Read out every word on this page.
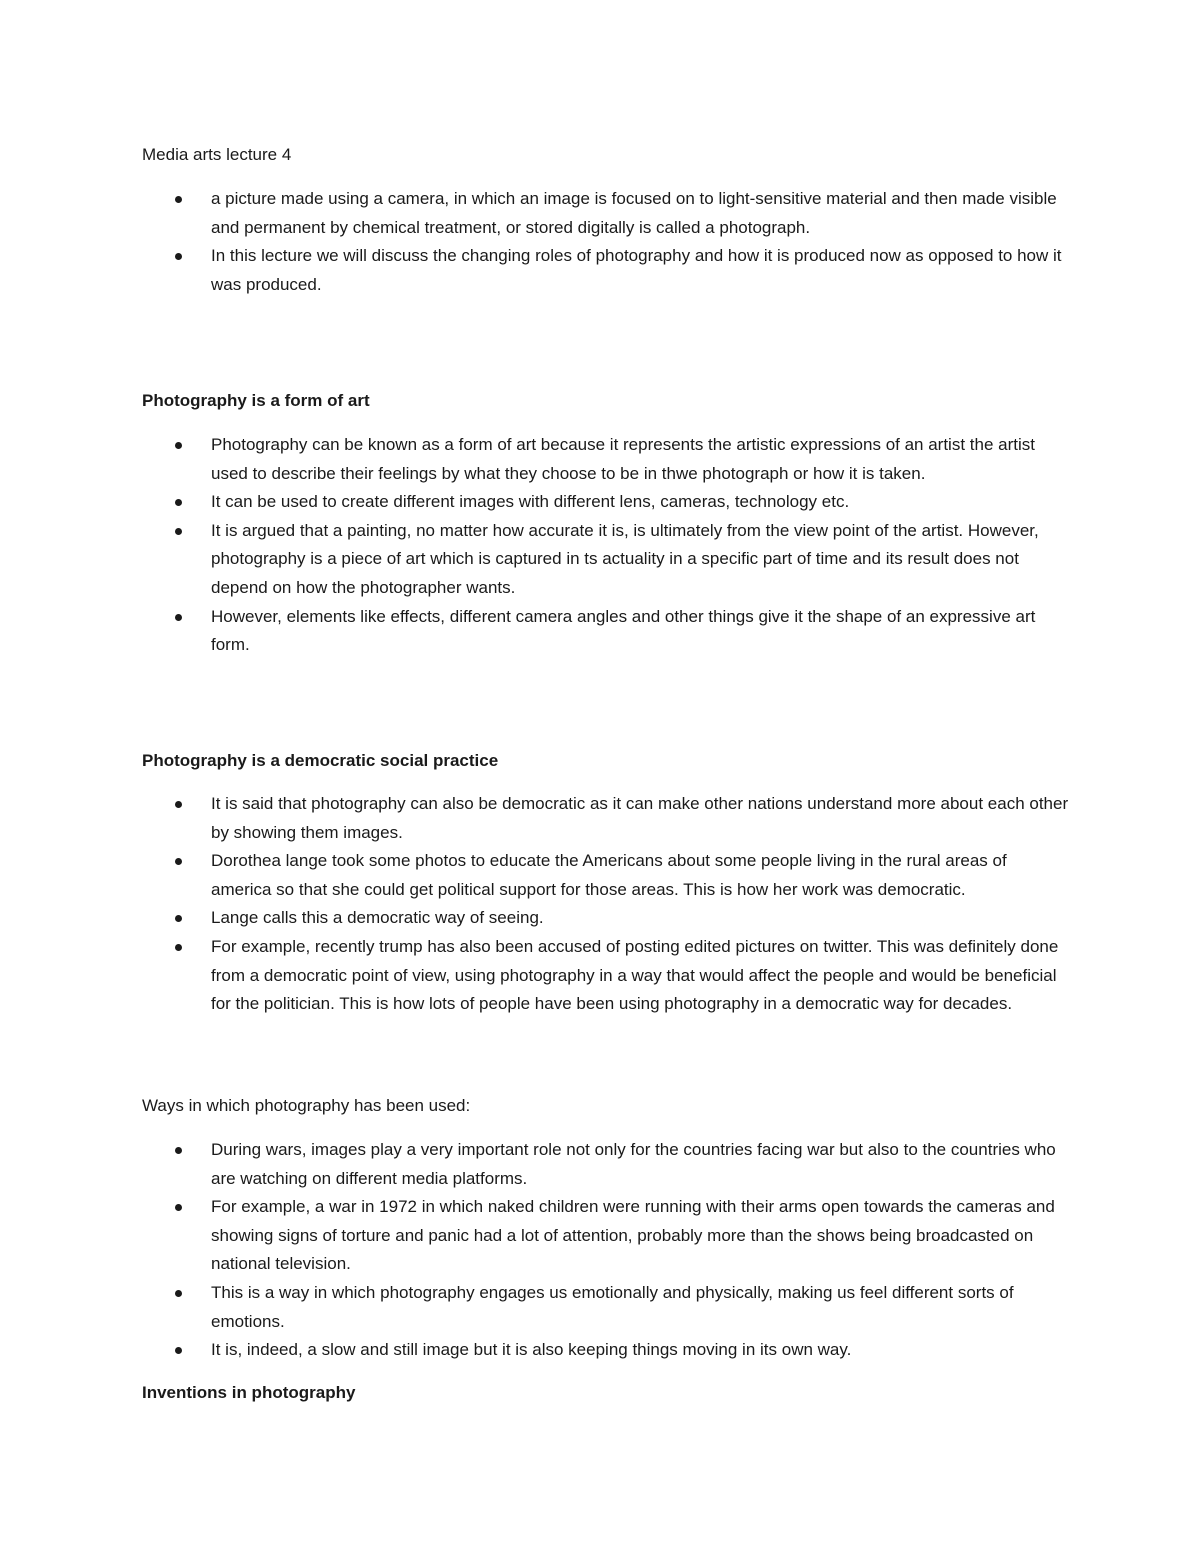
Media arts lecture 4
a picture made using a camera, in which an image is focused on to light-sensitive material and then made visible and permanent by chemical treatment, or stored digitally is called a photograph.
In this lecture we will discuss the changing roles of photography and how it is produced now as opposed to how it was produced.
Photography is a form of art
Photography can be known as a form of art because it represents the artistic expressions of an artist the artist used to describe their feelings by what they choose to be in thwe photograph or how it is taken.
It can be used to create different images with different lens, cameras, technology etc.
It is argued that a painting, no matter how accurate it is, is ultimately from the view point of the artist. However, photography is a piece of art which is captured in ts actuality in a specific part of time and its result does not depend on how the photographer wants.
However, elements like effects, different camera angles and other things give it the shape of an expressive art form.
Photography is a democratic social practice
It is said that photography can also be democratic as it can make other nations understand more about each other by showing them images.
Dorothea lange took some photos to educate the Americans about some people living in the rural areas of america so that she could get political support for those areas. This is how her work was democratic.
Lange calls this a democratic way of seeing.
For example, recently trump has also been accused of posting edited pictures on twitter. This was definitely done from a democratic point of view, using photography in a way that would affect the people and would be beneficial for the politician. This is how lots of people have been using photography in a democratic way for decades.
Ways in which photography has been used:
During wars, images play a very important role not only for the countries facing war but also to the countries who are watching on different media platforms.
For example, a war in 1972 in which naked children were running with their arms open towards the cameras and showing signs of torture and panic had a lot of attention, probably more than the shows being broadcasted on national television.
This is a way in which photography engages us emotionally and physically, making us feel different sorts of emotions.
It is, indeed, a slow and still image but it is also keeping things moving in its own way.
Inventions in photography
